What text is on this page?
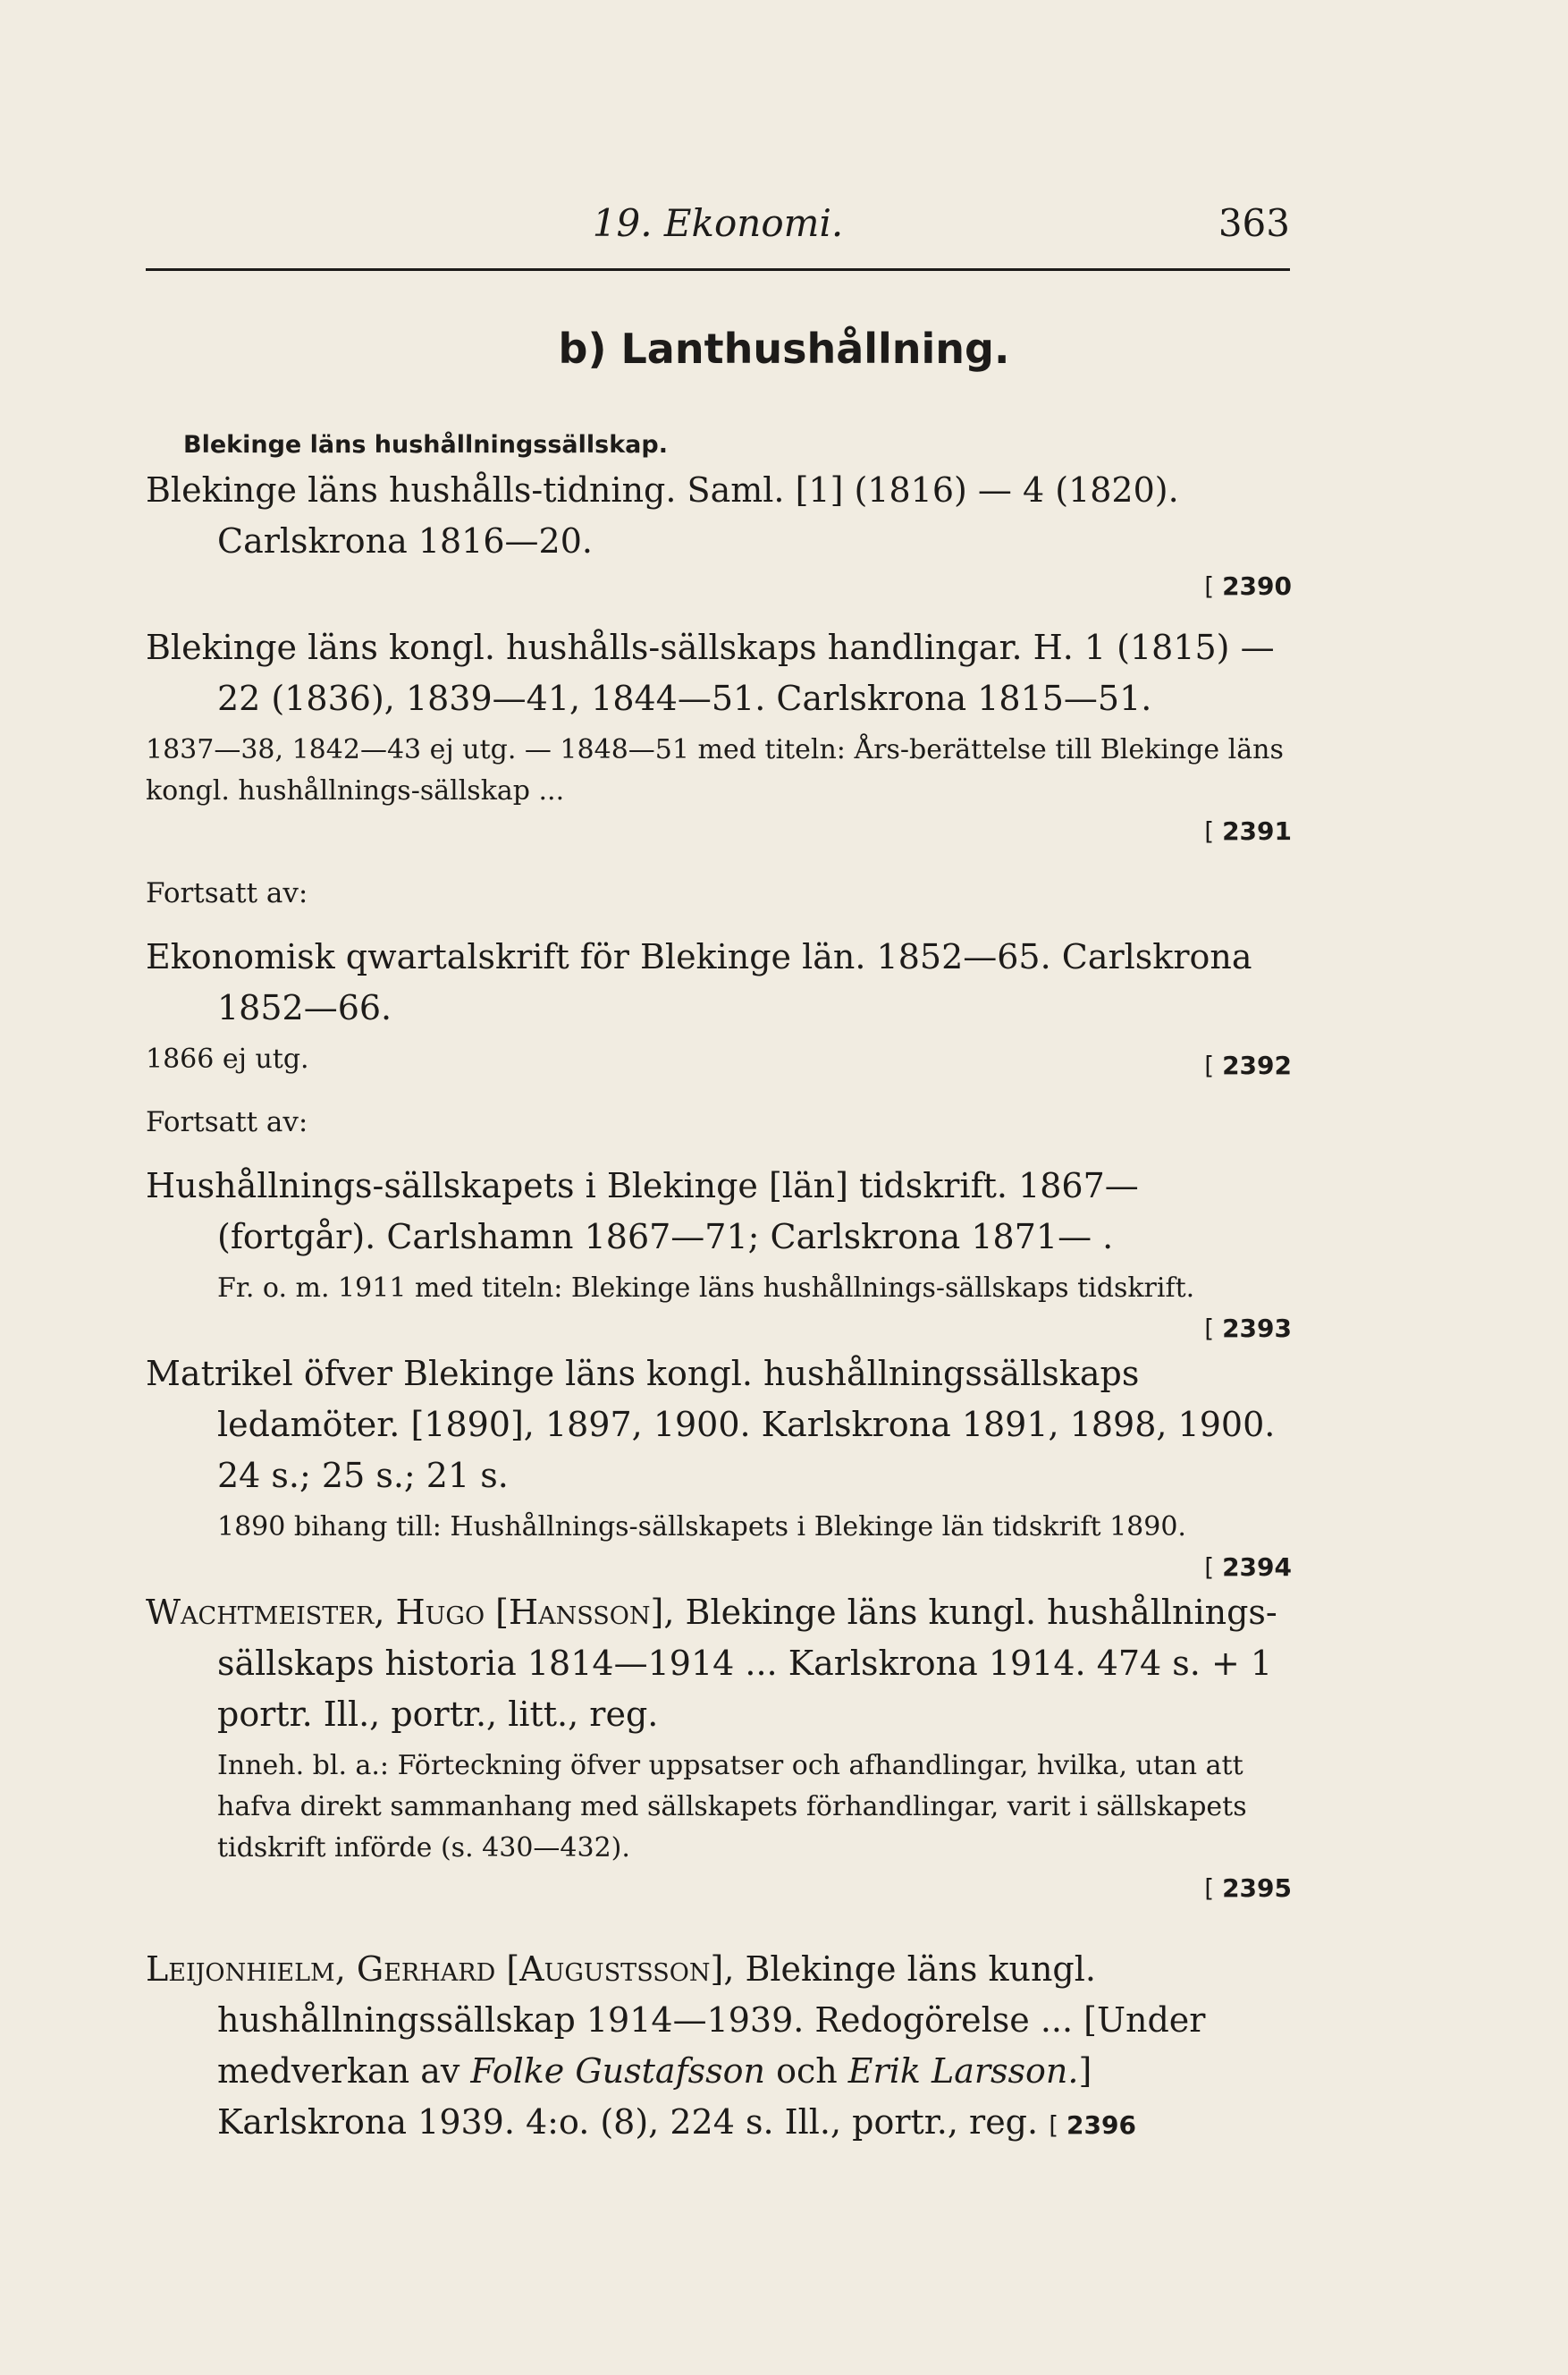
19. Ekonomi.	363
b) Lanthushållning.
Blekinge läns hushållningssällskap.
Blekinge läns hushålls-tidning. Saml. [1] (1816) — 4 (1820). Carlskrona 1816—20.
[ 2390
Blekinge läns kongl. hushålls-sällskaps handlingar. H. 1 (1815) — 22 (1836), 1839—41, 1844—51. Carlskrona 1815—51.
1837—38, 1842—43 ej utg. — 1848—51 med titeln: Års-berättelse till Blekinge läns kongl. hushållnings-sällskap ...
[ 2391
Fortsatt av:
Ekonomisk qwartalskrift för Blekinge län. 1852—65. Carlskrona 1852—66.
1866 ej utg.	[ 2392
Fortsatt av:
Hushållnings-sällskapets i Blekinge [län] tidskrift. 1867— (fortgår). Carlshamn 1867—71; Carlskrona 1871— .
Fr. o. m. 1911 med titeln: Blekinge läns hushållnings-sällskaps tidskrift.
[ 2393
Matrikel öfver Blekinge läns kongl. hushållningssällskaps ledamöter. [1890], 1897, 1900. Karlskrona 1891, 1898, 1900. 24 s.; 25 s.; 21 s.
1890 bihang till: Hushållnings-sällskapets i Blekinge län tidskrift 1890.
[ 2394
Wachtmeister, Hugo [Hansson], Blekinge läns kungl. hushållnings-sällskaps historia 1814—1914 ... Karlskrona 1914. 474 s. + 1 portr. Ill., portr., litt., reg.
Inneh. bl. a.: Förteckning öfver uppsatser och afhandlingar, hvilka, utan att hafva direkt sammanhang med sällskapets förhandlingar, varit i sällskapets tidskrift införde (s. 430—432).
[ 2395
Leijonhielm, Gerhard [Augustsson], Blekinge läns kungl. hushållningssällskap 1914—1939. Redogörelse ... [Under medverkan av Folke Gustafsson och Erik Larsson.] Karlskrona 1939. 4:o. (8), 224 s. Ill., portr., reg. [ 2396
